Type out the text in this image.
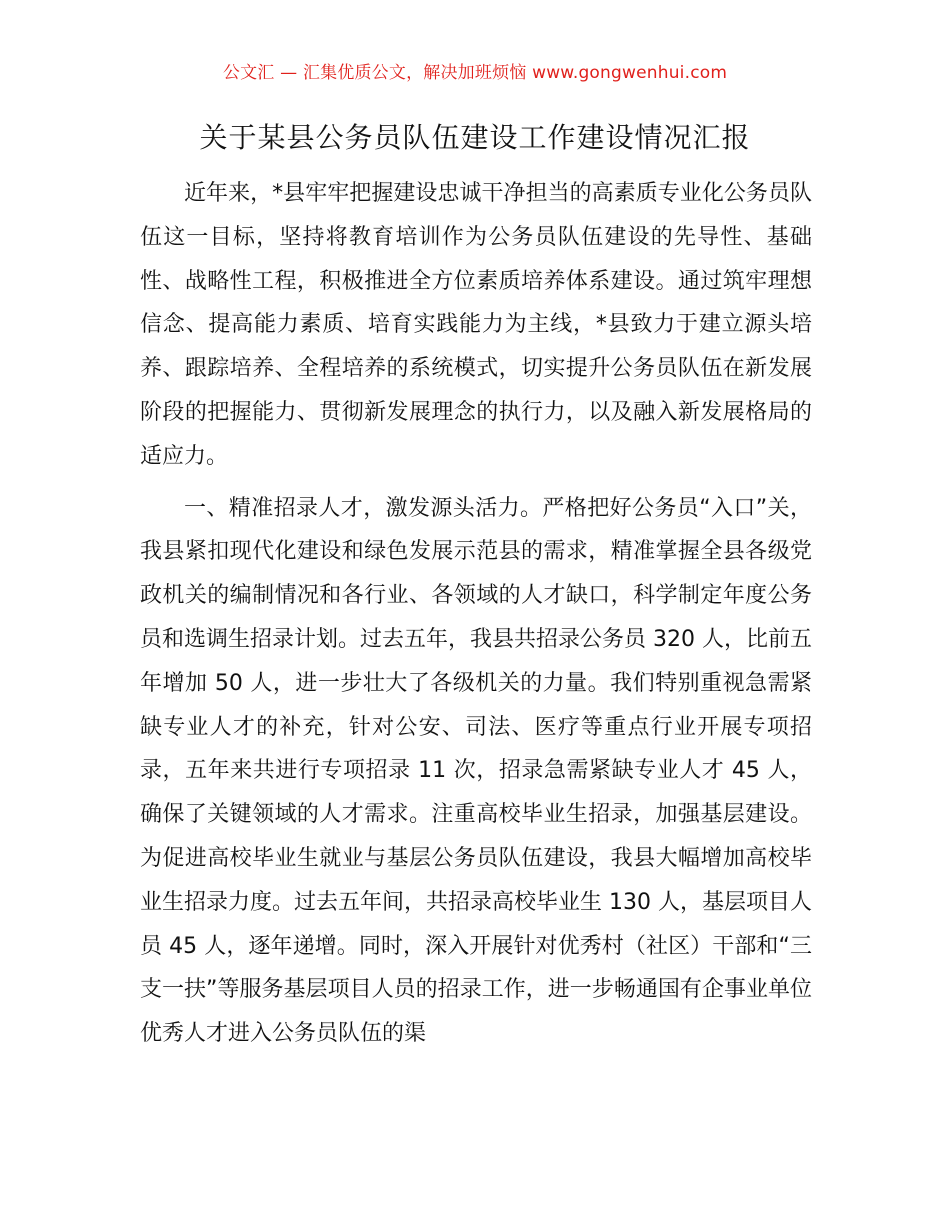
公文汇 — 汇集优质公文，解决加班烦恼 www.gongwenhui.com
关于某县公务员队伍建设工作建设情况汇报

近年来，*县牢牢把握建设忠诚干净担当的高素质专业化公务员队伍这一目标，坚持将教育培训作为公务员队伍建设的先导性、基础性、战略性工程，积极推进全方位素质培养体系建设。通过筑牢理想信念、提高能力素质、培育实践能力为主线，*县致力于建立源头培养、跟踪培养、全程培养的系统模式，切实提升公务员队伍在新发展阶段的把握能力、贯彻新发展理念的执行力，以及融入新发展格局的适应力。

一、精准招录人才，激发源头活力。严格把好公务员“入口”关，我县紧扣现代化建设和绿色发展示范县的需求，精准掌握全县各级党政机关的编制情况和各行业、各领域的人才缺口，科学制定年度公务员和选调生招录计划。过去五年，我县共招录公务员 320 人，比前五年增加 50 人，进一步壮大了各级机关的力量。我们特别重视急需紧缺专业人才的补充，针对公安、司法、医疗等重点行业开展专项招录，五年来共进行专项招录 11 次，招录急需紧缺专业人才 45 人，确保了关键领域的人才需求。注重高校毕业生招录，加强基层建设。为促进高校毕业生就业与基层公务员队伍建设，我县大幅增加高校毕业生招录力度。过去五年间，共招录高校毕业生 130 人，基层项目人员 45 人，逐年递增。同时，深入开展针对优秀村（社区）干部和“三支一扶”等服务基层项目人员的招录工作，进一步畅通国有企事业单位优秀人才进入公务员队伍的渠
